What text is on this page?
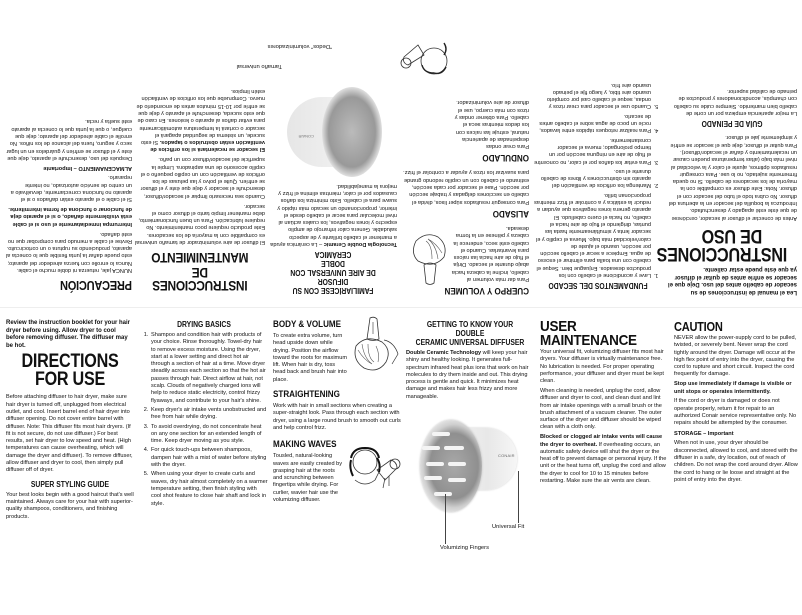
Lea el manual de instrucciones de su secador de cabello antes del uso. Deje que el secador se enfríe antes de quitar el difusor ya que éste puede estar caliente.

INSTRUCCIONES
DE USO

Antes de conectar el difusor al secador, cerciórese de que éste esté apagado y desenchufado. Introduzca la boquilla del secador en la abertura del difusor. No cubra todo el tubo del secador con el difusor. Nota: Este difusor es compatible con la mayoría de los secadores de cabello. Si no queda firmemente sujetado, no lo use. Para conseguir resultados óptimos, ajuste el calor y la velocidad al nivel más bajo (altas temperaturas pueden causar un recalentamiento y dañar el secador/difusor). Para quitar el difusor, deje que el secador se enfríe y simplemente jale el difusor.

GUÍA DE PEINADO

La mejor apariencia empieza por un corte de cabello bien mantenido. Siempre cuide su cabello con champús, acondicionadores y productos de peinado de calidad superior.

FUNDAMENTOS DEL SECADO
1. Lave y acondicione el cabello con los productos deseados. Enjuague bien. Seque el cabello con una toalla para eliminar el exceso de agua. Empiece a secar el cabello sección por sección, usando el ajuste de calor/velocidad más bajo. Mueva el cepillo y el secador lenta y simultáneamente hasta las puntas, dirigiendo el flujo de aire hacia el cabello, no hacia el cuero cabelludo. El aparato genera iones negativos que ayudan a reducir la estática y a controlar el frizz mientras proporcionan brillo.
2. Mantenga los orificios de ventilación del aparato sin obstrucciones y libres de cabello durante el uso.
3. Para evitar los daños por el calor, no concentre el flujo de aire en ninguna sección por un tiempo prolongado; mueva el secador constantemente.
4. Para realizar retoques rápidos entre lavados, rocíe un poco de agua sobre el cabello antes de secarlo.
5. Cuando use el secador para crear rizos y ondas, seque el cabello casi por completo usando aire tibio, y luego fije el peinado usando aire frío.
CUERPO Y VOLUMEN

Para dar más volumen al cabello, incline la cabeza hacia abajo durante el secado. Dirija el flujo de aire hacia las raíces para levantarlas. Cuando el cabello esté seco, enderece la cabeza y péinese en la forma deseada.

ALISADO

Para conseguir resultados súper lisos, divida el cabello en secciones delgadas y trabaje sección por sección. Pase el secador por cada sección, estirando el cabello con un cepillo redondo grande para suavizar los rizos y ayudar a controlar el frizz.

ONDULADO

Para crear ondas despeinadas de apariencia natural, estruje las raíces con los dedos mientras seca el cabello. Para obtener ondas y rizos con más cuerpo, use el difusor de aire voluminizador.

FAMILIARÍCESE CON SU DIFUSOR
DE AIRE UNIVERSAL CON DOBLE
CERÁMICA

Tecnología Double Ceramic – La cerámica ayuda a mantener el cabello brillante y de aspecto saludable. Genera calor infrarrojo de amplio espectro y iones negativos, los cuales actúan al nivel molecular para secar el cabello desde el interior, proporcionando un secado más rápido y suave para el cabello. Esto minimiza los daños causados por el calor, mientras elimina el frizz y mejora la manejabilidad.

INSTRUCCIONES DE
MANTENIMIENTO

El difusor de aire voluminizador de tamaño universal es compatible con la mayoría de los secadores. Este producto requiere poco mantenimiento. No requiere lubricación. Para un buen funcionamiento, debe mantener limpio tanto el difusor como el secador.

Cuando sea necesario limpiar el secador/difusor, desenchufe el secador y deje que éste y el difusor se enfríen. Quite el polvo y las pelusas de los orificios de ventilación con un cepillo pequeño o el cepillo accesorio de una aspiradora. Limpie la superficie del secador/difusor con un paño.

El secador se recalentará si los orificios de ventilación están obstruidos o tapados. Si esto sucede, un sistema de seguridad apagará el secador o cortará la temperatura automáticamente para evitar daños al aparato o lesiones. En caso de que esto suceda, desenchufe el aparato y deje que se enfríe por 10-15 minutos antes de encenderlo de nuevo. Compruebe que los orificios de ventilación estén limpios.

PRECAUCIÓN

NUNCA jale, retuerza ni doble mucho el cable. Nunca lo enrolle con fuerza alrededor del aparato; esto puede dañar la junta flexible que lo conecta al aparato, produciendo su ruptura o un cortocircuito. Revise el cable a menudo para comprobar que no esté dañado.

Interrumpa inmediatamente el uso si el cable está visiblemente dañado, o si el aparato deja de funcionar o funciona de forma intermitente.

Si el cable o el aparato están dañados o si el aparato no funciona correctamente, devuélvalo a un centro de servicio autorizado, no intente repararlo.

ALMACENAMIENTO – Importante

Después del uso, desenchufe el aparato, deje que éste y el difusor se enfríen y guárdelos en un lugar seco y seguro, fuera del alcance de los niños. No enrolle el cable alrededor del aparato; deje que cuelgue, o que la junta que lo conecta al aparato esté suelta y recta.

CONAIR
Tamaño universal
"Dedos" voluminizadores

Review the instruction booklet for your hair dryer before using. Allow dryer to cool before removing diffuser. The diffuser may be hot.

DIRECTIONS
FOR USE

Before attaching diffuser to hair dryer, make sure hair dryer is turned off, unplugged from electrical outlet, and cool. Insert barrel end of hair dryer into diffuser opening. Do not cover entire barrel with diffuser. Note: This diffuser fits most hair dryers. (If fit is not secure, do not use diffuser.) For best results, set hair dryer to low speed and heat. (High temperatures can cause overheating, which will damage the dryer and diffuser). To remove diffuser, allow diffuser and dryer to cool, then simply pull diffuser off of dryer.

SUPER STYLING GUIDE

Your best looks begin with a good haircut that's well maintained. Always care for your hair with superior-quality shampoos, conditioners, and finishing products.

DRYING BASICS
1. Shampoo and condition hair with products of your choice. Rinse thoroughly. Towel-dry hair to remove excess moisture. Using the dryer, start at a lower setting and direct hot air through a section of hair at a time. Move dryer steadily across each section so that the hot air passes through hair. Direct airflow at hair, not scalp. Clouds of negatively charged ions will help to reduce static electricity, control frizzy flyaways, and contribute to your hair's shine.
2. Keep dryer's air intake vents unobstructed and free from hair while drying.
3. To avoid overdrying, do not concentrate heat on any one section for an extended length of time. Keep dryer moving as you style.
4. For quick touch-ups between shampoos, dampen hair with a mist of water before styling with the dryer.
5. When using your dryer to create curls and waves, dry hair almost completely on a warmer temperature setting, then finish styling with cool shot feature to close hair shaft and lock in style.
BODY & VOLUME

To create extra volume, turn head upside down while drying. Position the airflow toward the roots for maximum lift. When hair is dry, toss head back and brush hair into place.

STRAIGHTENING

Work with hair in small sections when creating a super-straight look. Pass through each section with dryer, using a large round brush to smooth out curls and help control frizz.

MAKING WAVES

Tousled, natural-looking waves are easily created by grasping hair at the roots and scrunching between fingertips while drying. For curlier, wavier hair use the volumizing diffuser.

GETTING TO KNOW YOUR DOUBLE
CERAMIC UNIVERSAL DIFFUSER

Double Ceramic Technology will keep your hair shiny and healthy looking. It generates full-spectrum infrared heat plus ions that work on hair molecules to dry them inside and out. This drying process is gentle and quick. It minimizes heat damage and makes hair less frizzy and more manageable.

CONAIR
Universal Fit
Volumizing Fingers
USER MAINTENANCE

Your universal fit, volumizing diffuser fits most hair dryers. Your diffuser is virtually maintenance free. No lubrication is needed. For proper operating performance, your diffuser and dryer must be kept clean.

When cleaning is needed, unplug the cord, allow diffuser and dryer to cool, and clean dust and lint from air intake openings with a small brush or the brush attachment of a vacuum cleaner. The outer surface of the dryer and diffuser should be wiped clean with a cloth only.

Blocked or clogged air intake vents will cause the dryer to overheat. If overheating occurs, an automatic safety device will shut the dryer or the heat off to prevent damage or personal injury. If the unit or the heat turns off, unplug the cord and allow the dryer to cool for 10 to 15 minutes before restarting. Make sure the air vents are clean.

CAUTION

NEVER allow the power-supply cord to be pulled, twisted, or severely bent. Never wrap the cord tightly around the dryer. Damage will occur at the high flex point of entry into the dryer, causing the cord to rupture and short circuit. Inspect the cord frequently for damage.

Stop use immediately if damage is visible or unit stops or operates intermittently.

If the cord or dryer is damaged or does not operate properly, return it for repair to an authorized Conair service representative only. No repairs should be attempted by the consumer.

STORAGE – Important

When not in use, your dryer should be disconnected, allowed to cool, and stored with the diffuser in a safe, dry location, out of reach of children. Do not wrap the cord around dryer. Allow the cord to hang or lie loose and straight at the point of entry into the dryer.
